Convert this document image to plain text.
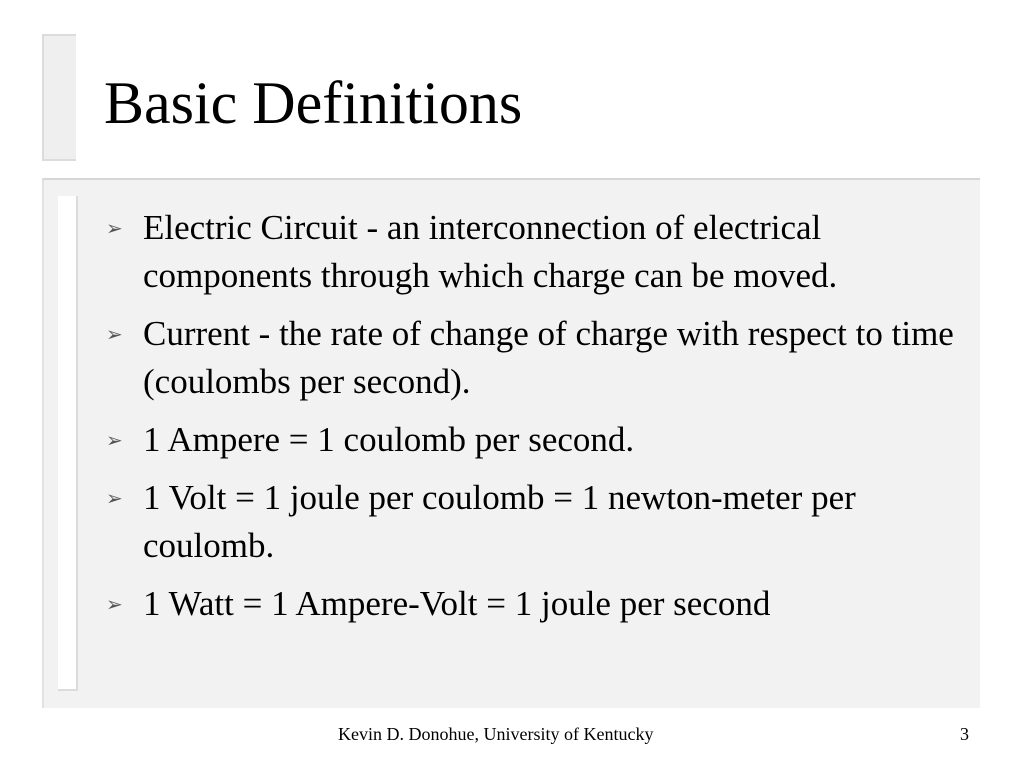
Basic Definitions
➢ Electric Circuit - an interconnection of electrical components through which charge can be moved.
➢ Current - the rate of change of charge with respect to time (coulombs per second).
➢ 1 Ampere = 1 coulomb per second.
➢ 1 Volt = 1 joule per coulomb = 1 newton-meter per coulomb.
➢ 1 Watt = 1 Ampere-Volt = 1 joule per second
Kevin D. Donohue, University of Kentucky	3
